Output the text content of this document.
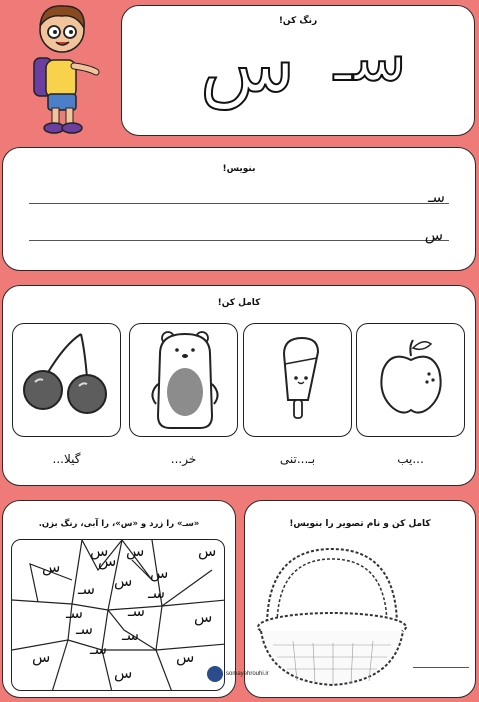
رنگ کن!
سـ
س
بنویس!
سـ
س
کامل کن!
...یب
بـ...تنی
خر...
گیلا...
«سـ» را زرد و «س»، را آبی، رنگ بزن.
س
س س	س
س
س
س
سـ
سـ	سـ
سـ
س
س	سـ
سـ
س
س
سـ
کامل کن و نام تصویر را بنویس!
somayehrouhi.ir
